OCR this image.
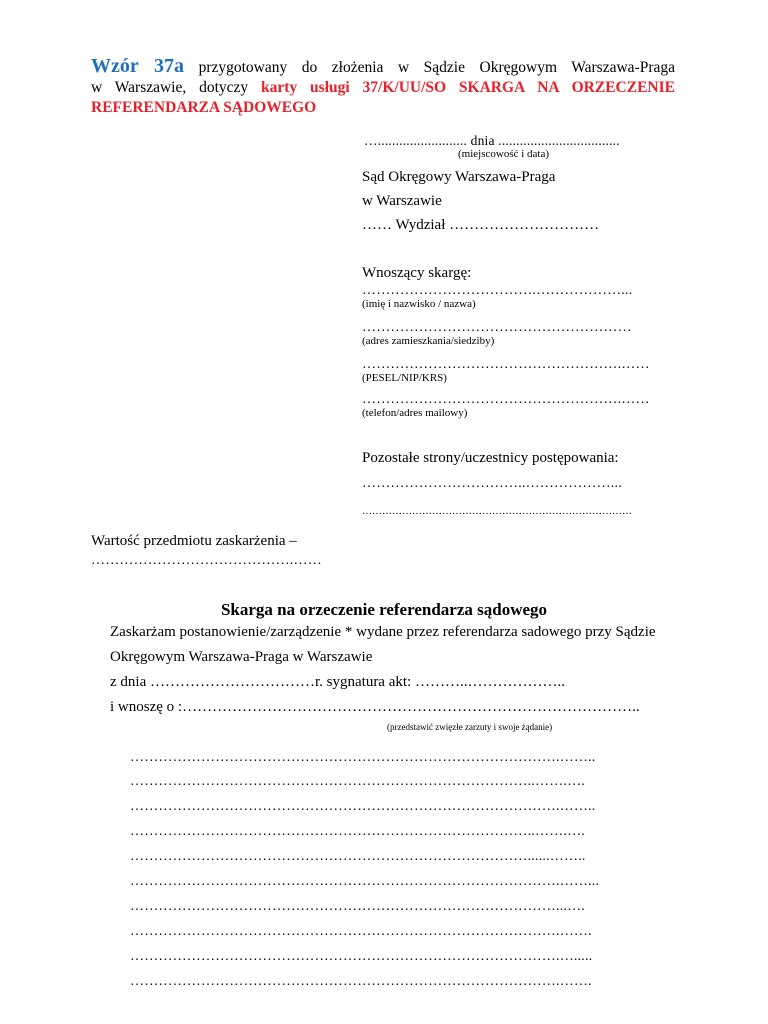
Wzór 37a przygotowany do złożenia w Sądzie Okręgowym Warszawa-Praga
w Warszawie, dotyczy karty usługi 37/K/UU/SO SKARGA NA ORZECZENIE
REFERENDARZA SĄDOWEGO
…......................... dnia ..................................
(miejscowość i data)
Sąd Okręgowy Warszawa-Praga
w Warszawie
…… Wydział …………………………
Wnoszący skargę:
……………………………….………………...
(imię i nazwisko / nazwa)
…………………………………………………
(adres zamieszkania/siedziby)
……………………………………………….……
(PESEL/NIP/KRS)
……………………………………………….……
(telefon/adres mailowy)
Pozostałe strony/uczestnicy postępowania:
……………………………..………………...
………………………………………………………………………
Wartość przedmiotu zaskarżenia –
…………………………………….……
Skarga na orzeczenie referendarza sądowego
Zaskarżam postanowienie/zarządzenie * wydane przez referendarza sadowego przy Sądzie
Okręgowym Warszawa-Praga w Warszawie
z dnia ……………………………r. sygnatura akt: ………..………………..
i wnoszę o :………………………………………………………………………………..
(przedstawić zwięzłe zarzuty i swoje żądanie)
……………………………………………………………………………….……..
…………………………………………………………………………..…….….
……………………………………………………………………………….……..
…………………………………………………………………………..…….….
…………………………………………………………………………......……..
……………………………………………………………………………….……...
………………………………………………………………………………...….
……………………………………………………………………………….…….
……………………………………………………………………………….….....
……………………………………………………………………………….…….
